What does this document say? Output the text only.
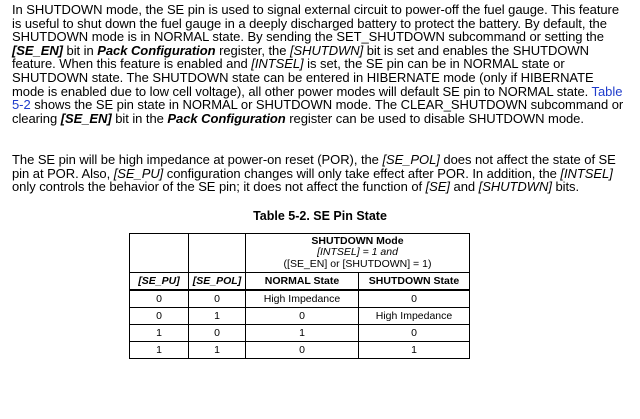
In SHUTDOWN mode, the SE pin is used to signal external circuit to power-off the fuel gauge. This feature is useful to shut down the fuel gauge in a deeply discharged battery to protect the battery. By default, the SHUTDOWN mode is in NORMAL state. By sending the SET_SHUTDOWN subcommand or setting the [SE_EN] bit in Pack Configuration register, the [SHUTDWN] bit is set and enables the SHUTDOWN feature. When this feature is enabled and [INTSEL] is set, the SE pin can be in NORMAL state or SHUTDOWN state. The SHUTDOWN state can be entered in HIBERNATE mode (only if HIBERNATE mode is enabled due to low cell voltage), all other power modes will default SE pin to NORMAL state. Table 5-2 shows the SE pin state in NORMAL or SHUTDOWN mode. The CLEAR_SHUTDOWN subcommand or clearing [SE_EN] bit in the Pack Configuration register can be used to disable SHUTDOWN mode.

The SE pin will be high impedance at power-on reset (POR), the [SE_POL] does not affect the state of SE pin at POR. Also, [SE_PU] configuration changes will only take effect after POR. In addition, the [INTSEL] only controls the behavior of the SE pin; it does not affect the function of [SE] and [SHUTDWN] bits.

Table 5-2. SE Pin State
		SHUTDOWN Mode
[INTSEL] = 1 and
([SE_EN] or [SHUTDOWN] = 1)	

[SE_PU]	[SE_POL]	NORMAL State	SHUTDOWN State
0	0	High Impedance	0
0	1	0	High Impedance
1	0	1	0
1	1	0	1
